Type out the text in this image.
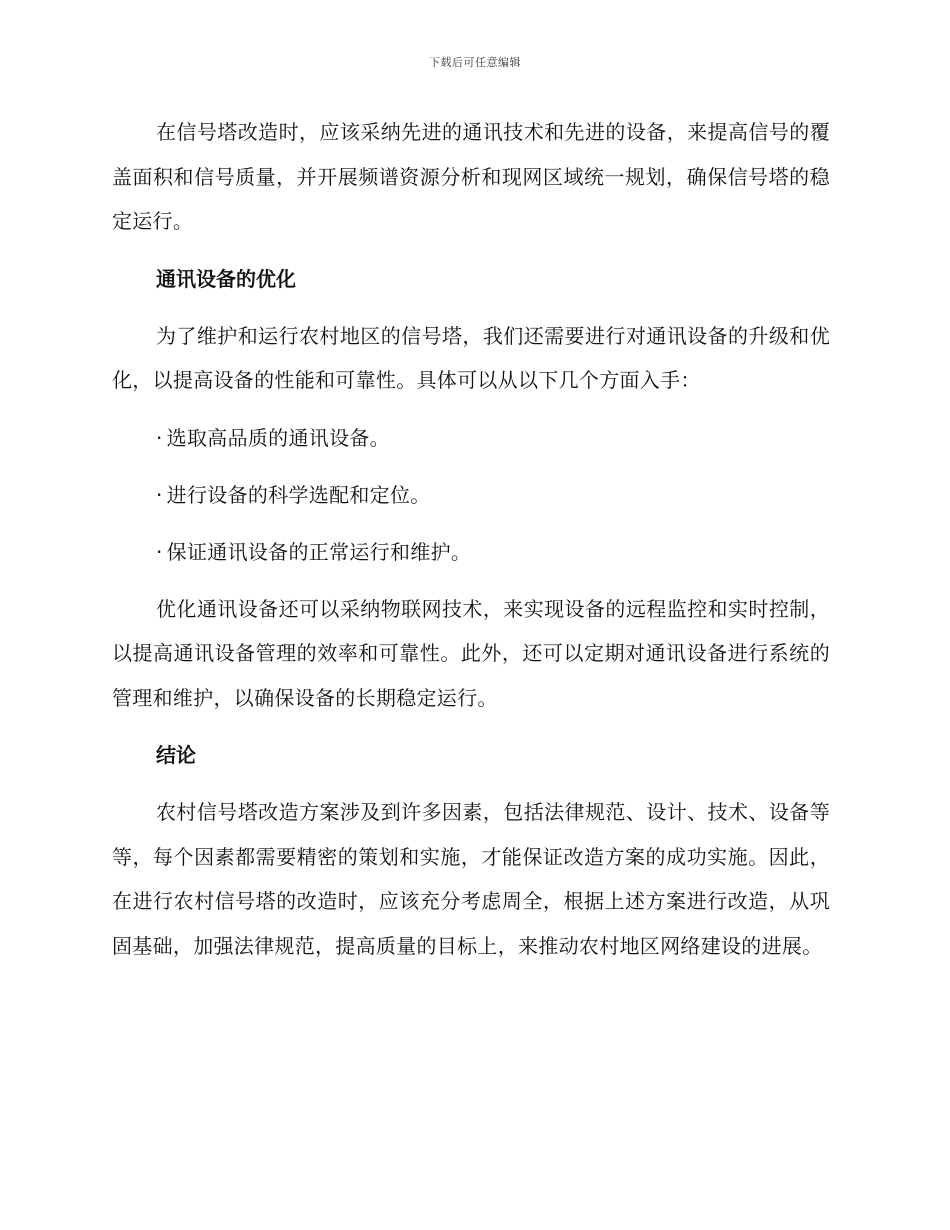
下载后可任意编辑

在信号塔改造时，应该采纳先进的通讯技术和先进的设备，来提高信号的覆盖面积和信号质量，并开展频谱资源分析和现网区域统一规划，确保信号塔的稳定运行。

通讯设备的优化

为了维护和运行农村地区的信号塔，我们还需要进行对通讯设备的升级和优化，以提高设备的性能和可靠性。具体可以从以下几个方面入手：

· 选取高品质的通讯设备。
· 进行设备的科学选配和定位。
· 保证通讯设备的正常运行和维护。

优化通讯设备还可以采纳物联网技术，来实现设备的远程监控和实时控制，以提高通讯设备管理的效率和可靠性。此外，还可以定期对通讯设备进行系统的管理和维护，以确保设备的长期稳定运行。

结论

农村信号塔改造方案涉及到许多因素，包括法律规范、设计、技术、设备等等，每个因素都需要精密的策划和实施，才能保证改造方案的成功实施。因此，在进行农村信号塔的改造时，应该充分考虑周全，根据上述方案进行改造，从巩固基础，加强法律规范，提高质量的目标上，来推动农村地区网络建设的进展。
